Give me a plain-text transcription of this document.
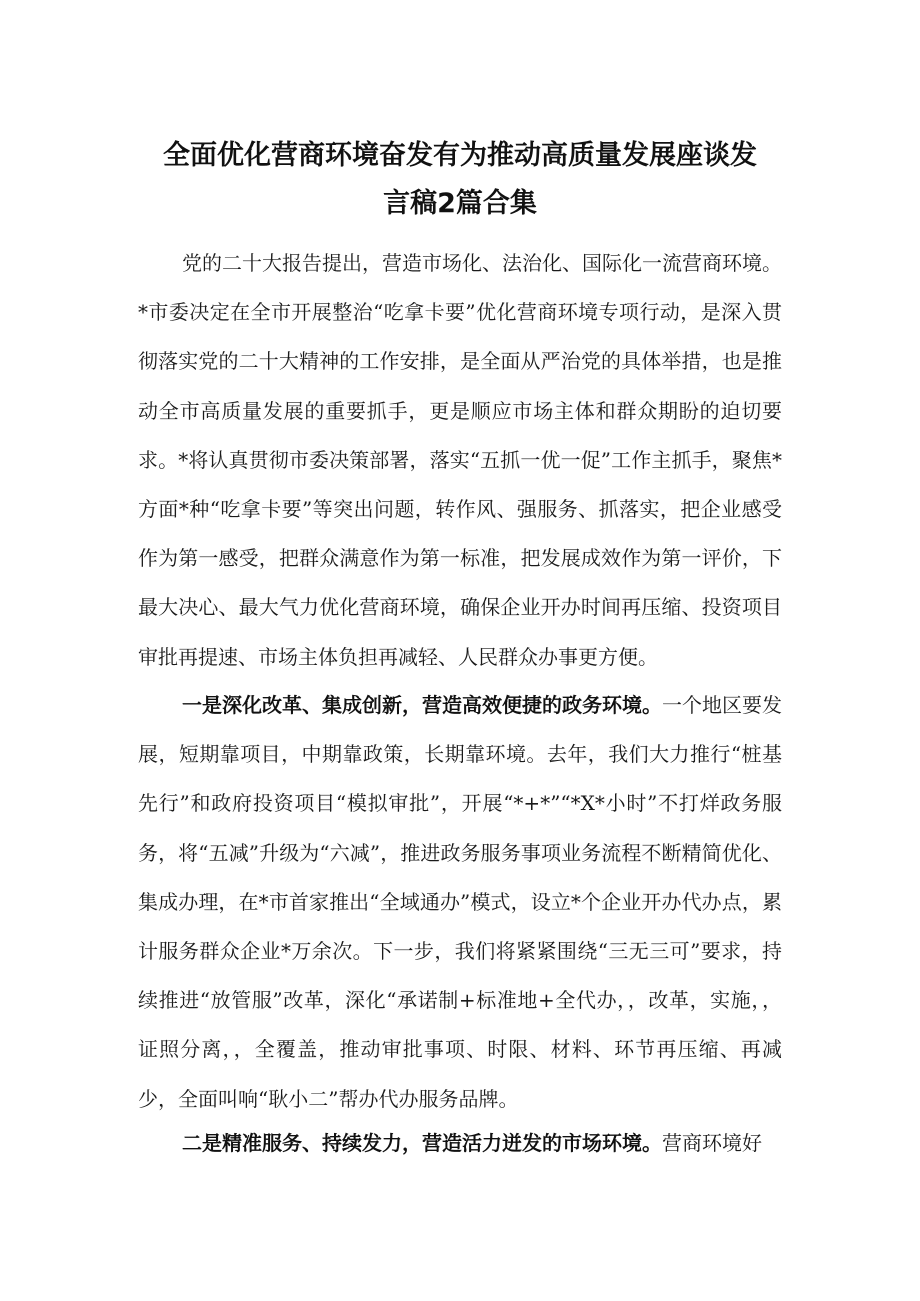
全面优化营商环境奋发有为推动高质量发展座谈发
言稿2篇合集

党的二十大报告提出，营造市场化、法治化、国际化一流营商环境。*市委决定在全市开展整治“吃拿卡要”优化营商环境专项行动，是深入贯彻落实党的二十大精神的工作安排，是全面从严治党的具体举措，也是推动全市高质量发展的重要抓手，更是顺应市场主体和群众期盼的迫切要求。*将认真贯彻市委决策部署，落实“五抓一优一促”工作主抓手，聚焦*方面*种“吃拿卡要”等突出问题，转作风、强服务、抓落实，把企业感受作为第一感受，把群众满意作为第一标准，把发展成效作为第一评价，下最大决心、最大气力优化营商环境，确保企业开办时间再压缩、投资项目审批再提速、市场主体负担再减轻、人民群众办事更方便。

一是深化改革、集成创新，营造高效便捷的政务环境。一个地区要发展，短期靠项目，中期靠政策，长期靠环境。去年，我们大力推行“桩基先行”和政府投资项目“模拟审批”，开展“*+*”“*X*小时”不打烊政务服务，将“五减”升级为“六减”，推进政务服务事项业务流程不断精简优化、集成办理，在*市首家推出“全域通办”模式，设立*个企业开办代办点，累计服务群众企业*万余次。下一步，我们将紧紧围绕“三无三可”要求，持续推进“放管服”改革，深化“承诺制+标准地+全代办，，改革，实施，，证照分离，，全覆盖，推动审批事项、时限、材料、环节再压缩、再减少，全面叫响“耿小二”帮办代办服务品牌。

二是精准服务、持续发力，营造活力迸发的市场环境。营商环境好
